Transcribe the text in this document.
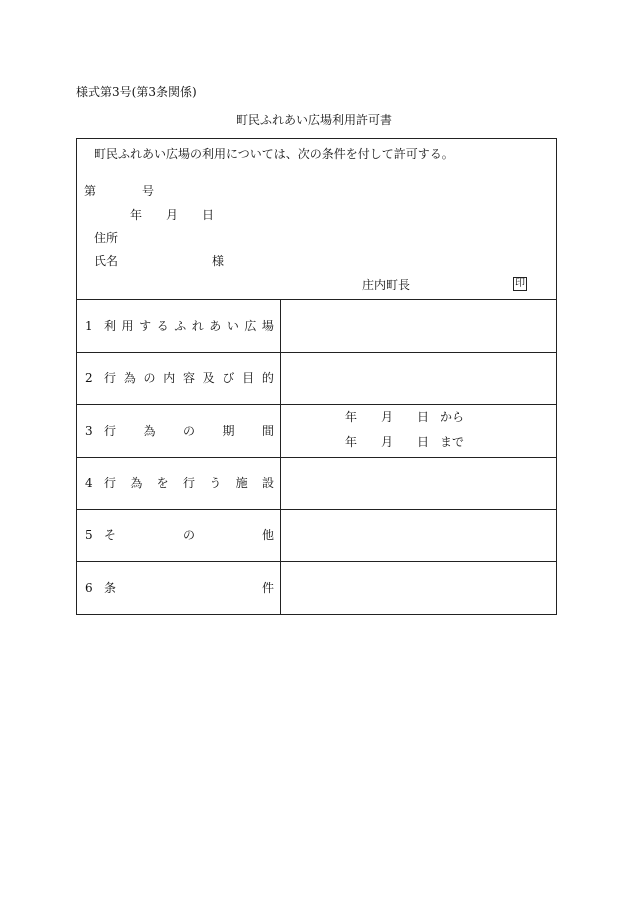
様式第3号(第3条関係)
町民ふれあい広場利用許可書
町民ふれあい広場の利用については、次の条件を付して許可する。
第	号
年 月 日
住所
氏名	様
庄内町長	印
1 利 用 す る ふ れ あ い 広 場
2 行 為 の 内 容 及 び 目 的
3 行 為 の 期 間
年 月 日 から
年 月 日 まで
4 行 為 を 行 う 施 設
5 そ	の	他
6 条	件
